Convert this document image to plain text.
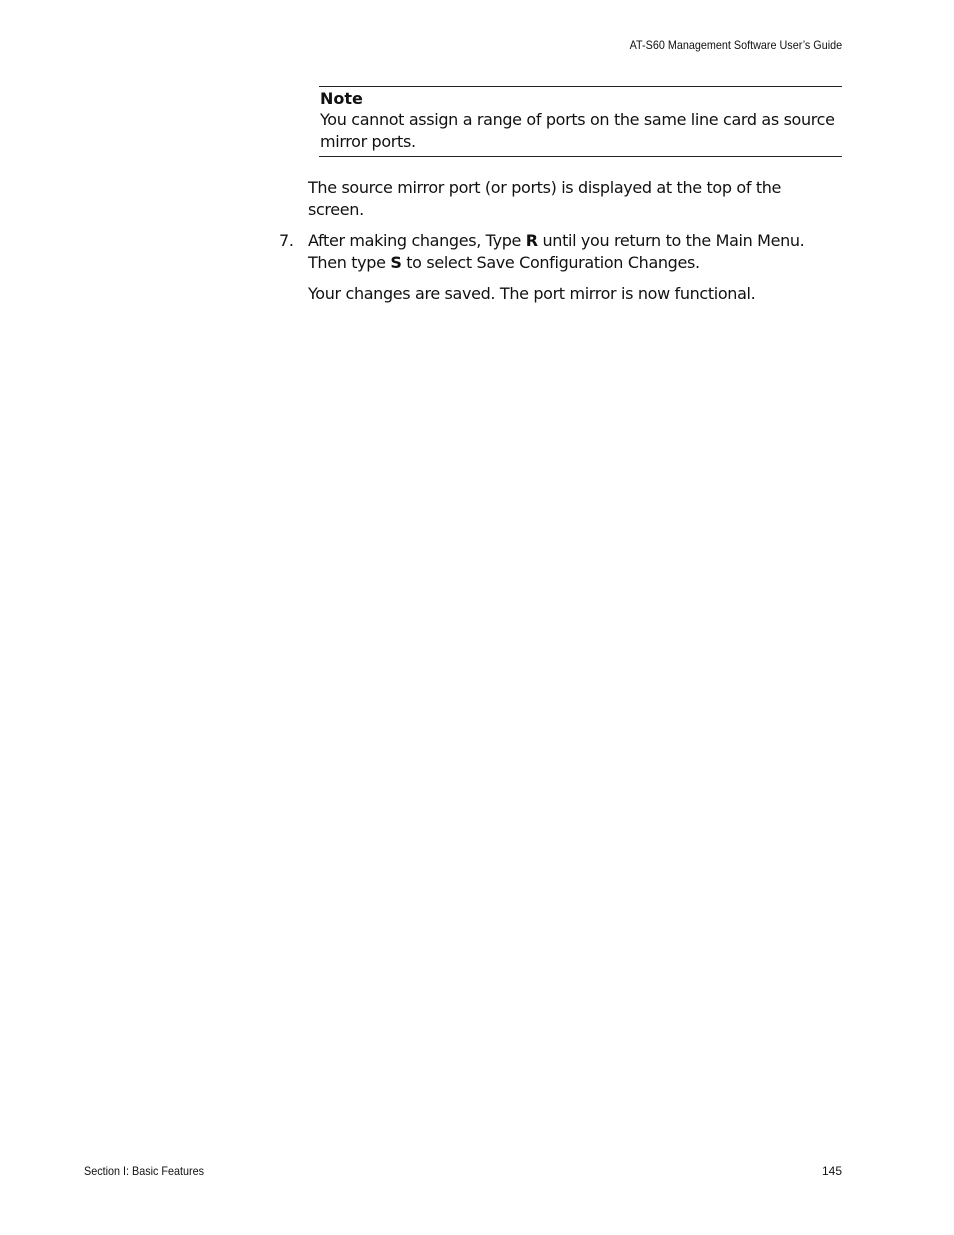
AT-S60 Management Software User’s Guide
Note
You cannot assign a range of ports on the same line card as source mirror ports.
The source mirror port (or ports) is displayed at the top of the screen.
7. After making changes, Type R until you return to the Main Menu. Then type S to select Save Configuration Changes.
Your changes are saved. The port mirror is now functional.
Section I: Basic Features	145
